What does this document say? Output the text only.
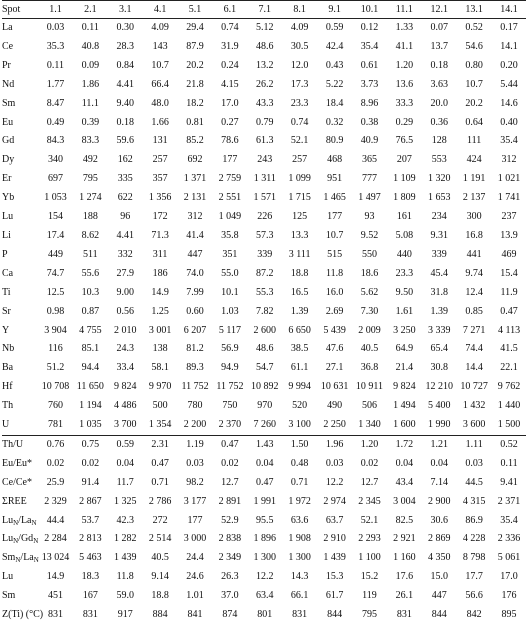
Spot	1.1	2.1	3.1	4.1	5.1	6.1	7.1	8.1	9.1	10.1	11.1	12.1	13.1	14.1
La	0.03	0.11	0.30	4.09	29.4	0.74	5.12	4.09	0.59	0.12	1.33	0.07	0.52	0.17
Ce	35.3	40.8	28.3	143	87.9	31.9	48.6	30.5	42.4	35.4	41.1	13.7	54.6	14.1
Pr	0.11	0.09	0.84	10.7	20.2	0.24	13.2	12.0	0.43	0.61	1.20	0.18	0.80	0.20
Nd	1.77	1.86	4.41	66.4	21.8	4.15	26.2	17.3	5.22	3.73	13.6	3.63	10.7	5.44
Sm	8.47	11.1	9.40	48.0	18.2	17.0	43.3	23.3	18.4	8.96	33.3	20.0	20.2	14.6
Eu	0.49	0.39	0.18	1.66	0.81	0.27	0.79	0.74	0.32	0.38	0.29	0.36	0.64	0.40
Gd	84.3	83.3	59.6	131	85.2	78.6	61.3	52.1	80.9	40.9	76.5	128	111	35.4
Dy	340	492	162	257	692	177	243	257	468	365	207	553	424	312
Er	697	795	335	357	1 371	2 759	1 311	1 099	951	777	1 109	1 320	1 191	1 021
Yb	1 053	1 274	622	1 356	2 131	2 551	1 571	1 715	1 465	1 497	1 809	1 653	2 137	1 741
Lu	154	188	96	172	312	1 049	226	125	177	93	161	234	300	237
Li	17.4	8.62	4.41	71.3	41.4	35.8	57.3	13.3	10.7	9.52	5.08	9.31	16.8	13.9
P	449	511	332	311	447	351	339	3 111	515	550	440	339	441	469
Ca	74.7	55.6	27.9	186	74.0	55.0	87.2	18.8	11.8	18.6	23.3	45.4	9.74	15.4
Ti	12.5	10.3	9.00	14.9	7.99	10.1	55.3	16.5	16.0	5.62	9.50	31.8	12.4	11.9
Sr	0.98	0.87	0.56	1.25	0.60	1.03	7.82	1.39	2.69	7.30	1.61	1.39	0.85	0.47
Y	3 904	4 755	2 010	3 001	6 207	5 117	2 600	6 650	5 439	2 009	3 250	3 339	7 271	4 113
Nb	116	85.1	24.3	138	81.2	56.9	48.6	38.5	47.6	40.5	64.9	65.4	74.4	41.5
Ba	51.2	94.4	33.4	58.1	89.3	94.9	54.7	61.1	27.1	36.8	21.4	30.8	14.4	22.1
Hf	10 708	11 650	9 824	9 970	11 752	11 752	10 892	9 994	10 631	10 911	9 824	12 210	10 727	9 762
Th	760	1 194	4 486	500	780	750	970	520	490	506	1 494	5 400	1 432	1 440
U	781	1 035	3 700	1 354	2 200	2 370	7 260	3 100	2 250	1 340	1 600	1 990	3 600	1 500
Th/U	0.76	0.75	0.59	2.31	1.19	0.47	1.43	1.50	1.96	1.20	1.72	1.21	1.11	0.52
Eu/Eu*	0.02	0.02	0.04	0.47	0.03	0.02	0.04	0.48	0.03	0.02	0.04	0.04	0.03	0.11
Ce/Ce*	25.9	91.4	11.7	0.71	98.2	12.7	0.47	0.71	12.2	12.7	43.4	7.14	44.5	9.41
ΣREE	2 329	2 867	1 325	2 786	3 177	2 891	1 991	1 972	2 974	2 345	3 004	2 900	4 315	2 371
$Lu_N/La_N$	44.4	53.7	42.3	272	177	52.9	95.5	63.6	63.7	52.1	82.5	30.6	86.9	35.4
$Lu_N/Gd_N$	2 284	2 813	1 282	2 514	3 000	2 838	1 896	1 908	2 910	2 293	2 921	2 869	4 228	2 336
$Sm_N/La_N$	13 024	5 463	1 439	40.5	24.4	2 349	1 300	1 300	1 439	1 100	1 160	4 350	8 798	5 061
Lu	14.9	18.3	11.8	9.14	24.6	26.3	12.2	14.3	15.3	15.2	17.6	15.0	17.7	17.0
Sm	451	167	59.0	18.8	1.01	37.0	63.4	66.1	61.7	119	26.1	447	56.6	176
Z(Ti) (°C)	831	831	917	884	841	874	801	831	844	795	831	844	842	895
